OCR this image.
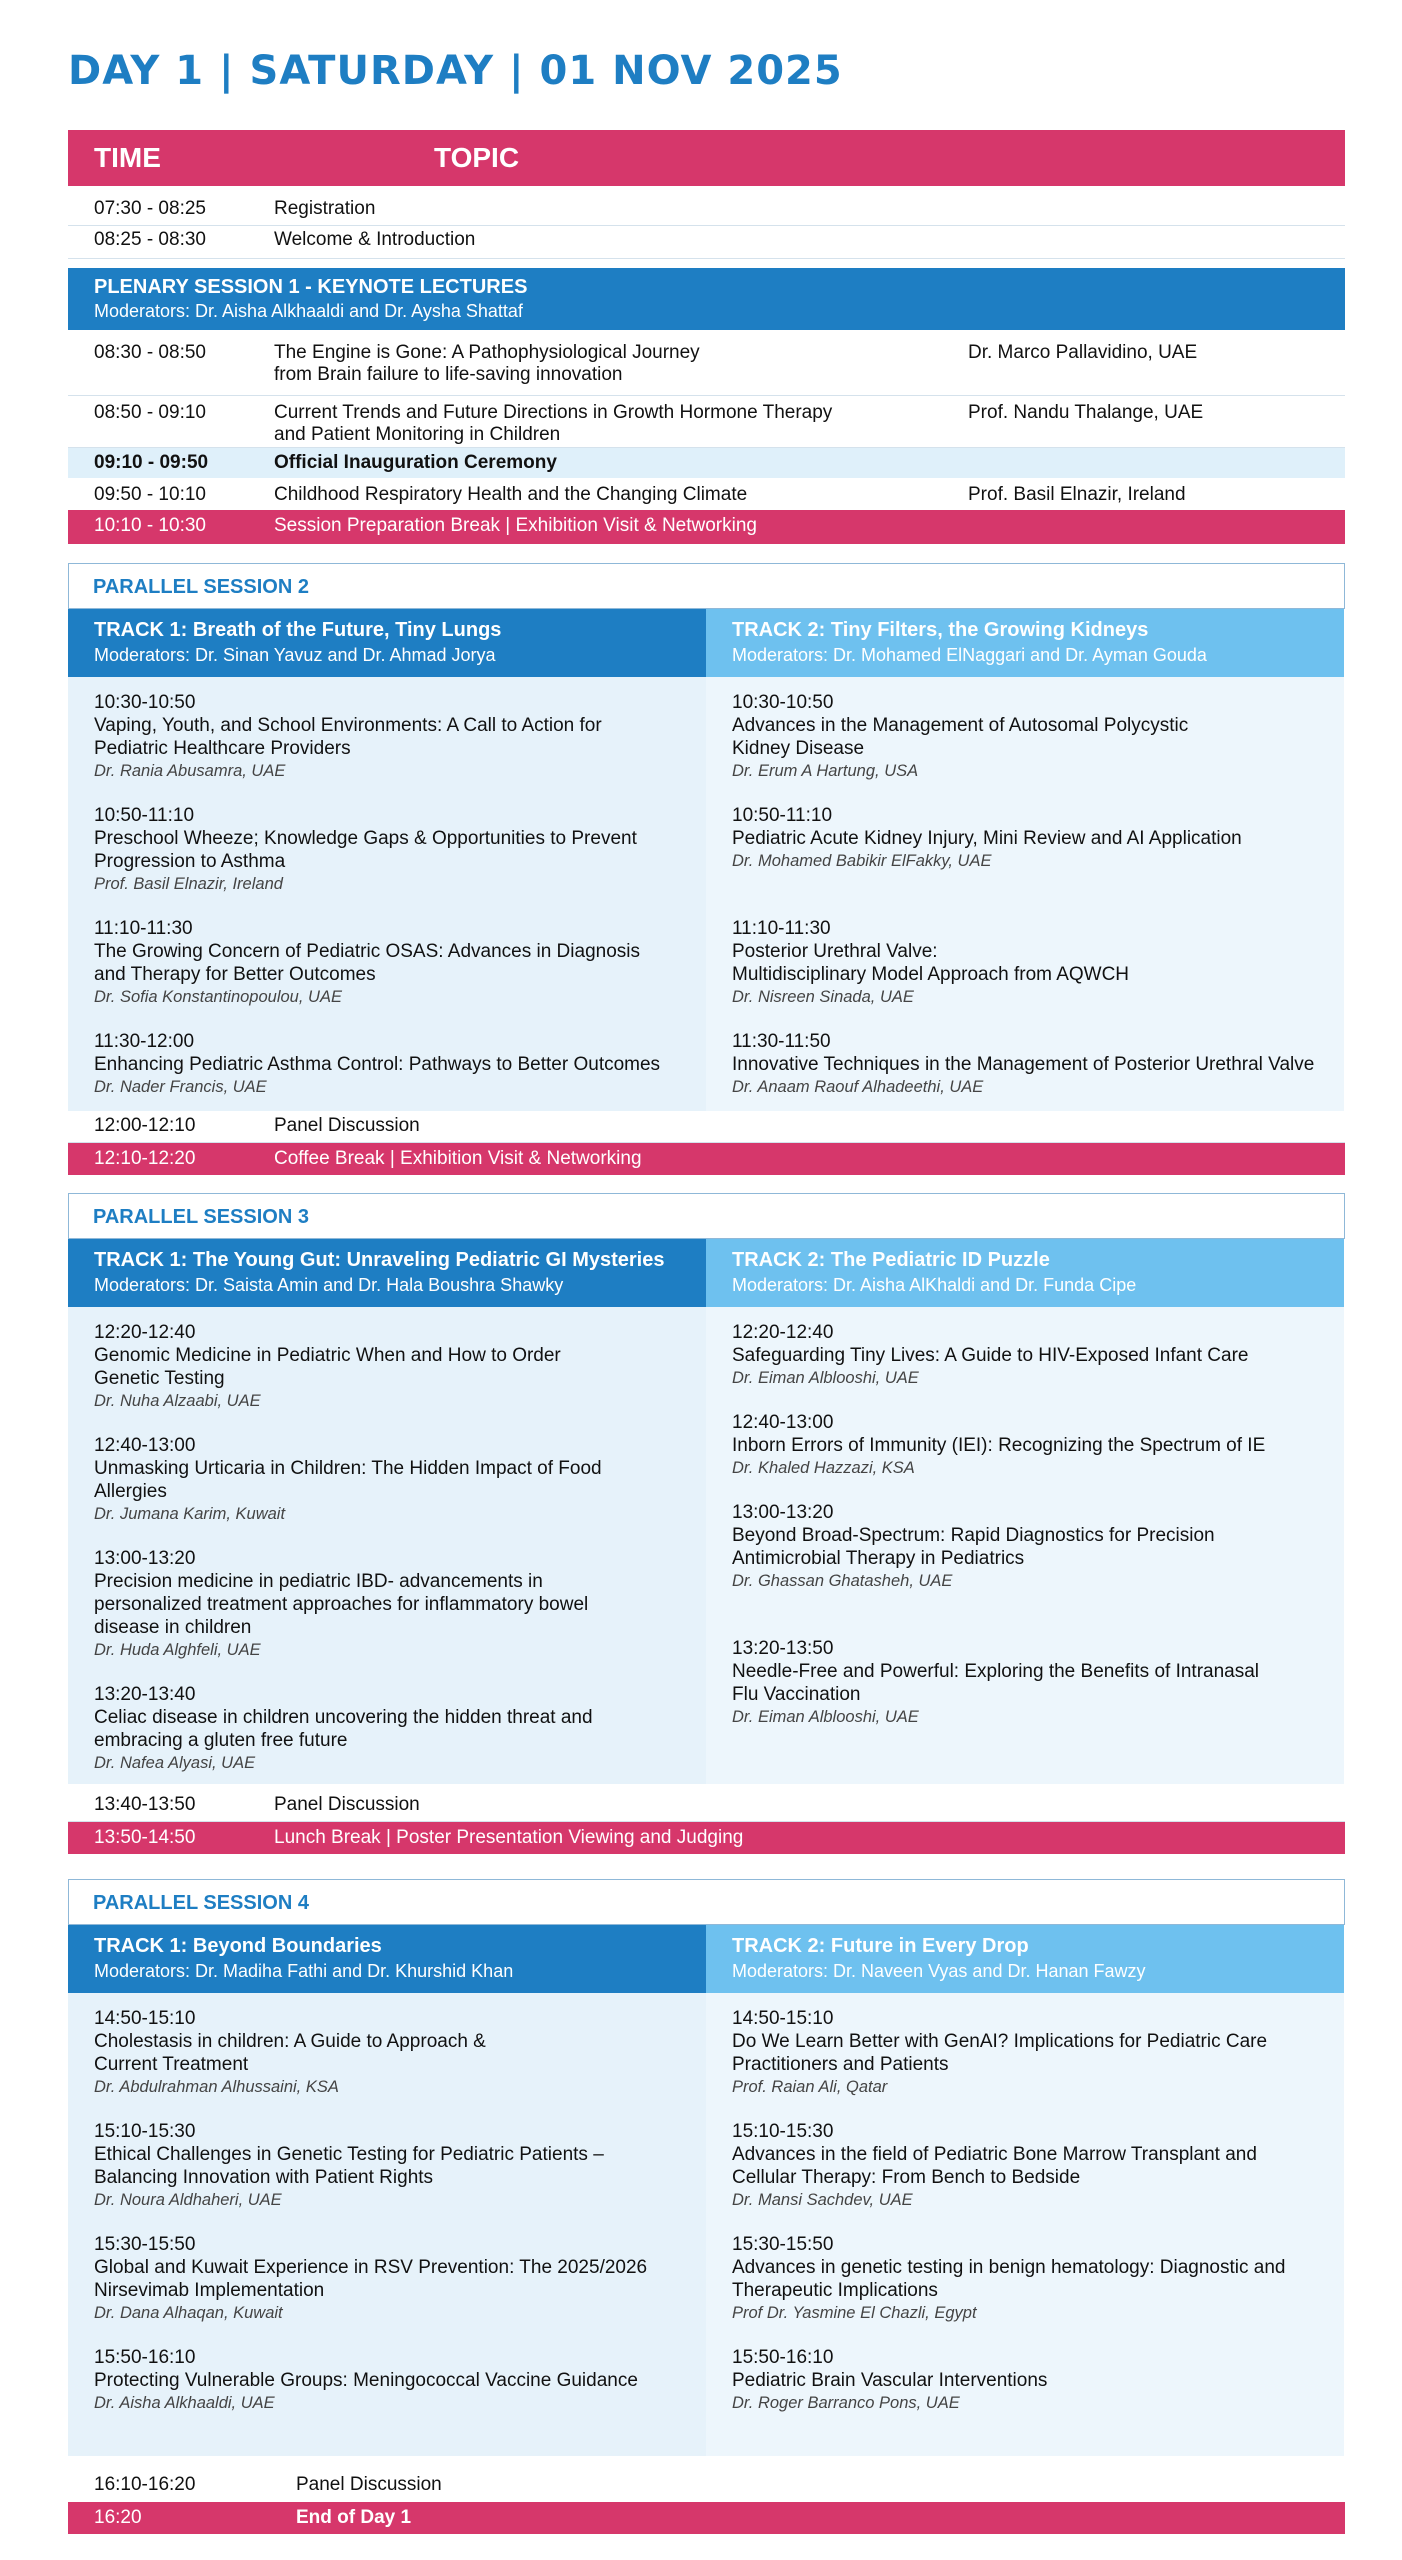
DAY 1 | SATURDAY | 01 NOV 2025
TIME	TOPIC
07:30 - 08:25	Registration
08:25 - 08:30	Welcome & Introduction
PLENARY SESSION 1 - KEYNOTE LECTURES
Moderators: Dr. Aisha Alkhaaldi and Dr. Aysha Shattaf
08:30 - 08:50	The Engine is Gone: A Pathophysiological Journey
from Brain failure to life-saving innovation
Dr. Marco Pallavidino, UAE
08:50 - 09:10	Current Trends and Future Directions in Growth Hormone Therapy
and Patient Monitoring in Children
Prof. Nandu Thalange, UAE
09:10 - 09:50	Official Inauguration Ceremony
09:50 - 10:10	Childhood Respiratory Health and the Changing Climate	Prof. Basil Elnazir, Ireland
10:10 - 10:30	Session Preparation Break | Exhibition Visit & Networking
PARALLEL SESSION 2
TRACK 1: Breath of the Future, Tiny Lungs
Moderators: Dr. Sinan Yavuz and Dr. Ahmad Jorya
10:30-10:50
Vaping, Youth, and School Environments: A Call to Action for
Pediatric Healthcare Providers
Dr. Rania Abusamra, UAE
10:50-11:10
Preschool Wheeze; Knowledge Gaps & Opportunities to Prevent
Progression to Asthma
Prof. Basil Elnazir, Ireland
11:10-11:30
The Growing Concern of Pediatric OSAS: Advances in Diagnosis
and Therapy for Better Outcomes
Dr. Sofia Konstantinopoulou, UAE
11:30-12:00
Enhancing Pediatric Asthma Control: Pathways to Better Outcomes
Dr. Nader Francis, UAE
TRACK 2: Tiny Filters, the Growing Kidneys
Moderators: Dr. Mohamed ElNaggari and Dr. Ayman Gouda
10:30-10:50
Advances in the Management of Autosomal Polycystic
Kidney Disease
Dr. Erum A Hartung, USA
10:50-11:10
Pediatric Acute Kidney Injury, Mini Review and AI Application
Dr. Mohamed Babikir ElFakky, UAE
11:10-11:30
Posterior Urethral Valve:
Multidisciplinary Model Approach from AQWCH
Dr. Nisreen Sinada, UAE
11:30-11:50
Innovative Techniques in the Management of Posterior Urethral Valve
Dr. Anaam Raouf Alhadeethi, UAE
12:00-12:10	Panel Discussion
12:10-12:20	Coffee Break | Exhibition Visit & Networking
PARALLEL SESSION 3
TRACK 1: The Young Gut: Unraveling Pediatric GI Mysteries
Moderators: Dr. Saista Amin and Dr. Hala Boushra Shawky
12:20-12:40
Genomic Medicine in Pediatric When and How to Order
Genetic Testing
Dr. Nuha Alzaabi, UAE
12:40-13:00
Unmasking Urticaria in Children: The Hidden Impact of Food
Allergies
Dr. Jumana Karim, Kuwait
13:00-13:20
Precision medicine in pediatric IBD- advancements in
personalized treatment approaches for inflammatory bowel
disease in children
Dr. Huda Alghfeli, UAE
13:20-13:40
Celiac disease in children uncovering the hidden threat and
embracing a gluten free future
Dr. Nafea Alyasi, UAE
TRACK 2: The Pediatric ID Puzzle
Moderators: Dr. Aisha AlKhaldi and Dr. Funda Cipe
12:20-12:40
Safeguarding Tiny Lives: A Guide to HIV-Exposed Infant Care
Dr. Eiman Alblooshi, UAE
12:40-13:00
Inborn Errors of Immunity (IEI): Recognizing the Spectrum of IE
Dr. Khaled Hazzazi, KSA
13:00-13:20
Beyond Broad-Spectrum: Rapid Diagnostics for Precision
Antimicrobial Therapy in Pediatrics
Dr. Ghassan Ghatasheh, UAE
13:20-13:50
Needle-Free and Powerful: Exploring the Benefits of Intranasal
Flu Vaccination
Dr. Eiman Alblooshi, UAE
13:40-13:50	Panel Discussion
13:50-14:50	Lunch Break | Poster Presentation Viewing and Judging
PARALLEL SESSION 4
TRACK 1: Beyond Boundaries
Moderators: Dr. Madiha Fathi and Dr. Khurshid Khan
14:50-15:10
Cholestasis in children: A Guide to Approach &
Current Treatment
Dr. Abdulrahman Alhussaini, KSA
15:10-15:30
Ethical Challenges in Genetic Testing for Pediatric Patients –
Balancing Innovation with Patient Rights
Dr. Noura Aldhaheri, UAE
15:30-15:50
Global and Kuwait Experience in RSV Prevention: The 2025/2026
Nirsevimab Implementation
Dr. Dana Alhaqan, Kuwait
15:50-16:10
Protecting Vulnerable Groups: Meningococcal Vaccine Guidance
Dr. Aisha Alkhaaldi, UAE
TRACK 2: Future in Every Drop
Moderators: Dr. Naveen Vyas and Dr. Hanan Fawzy
14:50-15:10
Do We Learn Better with GenAI? Implications for Pediatric Care
Practitioners and Patients
Prof. Raian Ali, Qatar
15:10-15:30
Advances in the field of Pediatric Bone Marrow Transplant and
Cellular Therapy: From Bench to Bedside
Dr. Mansi Sachdev, UAE
15:30-15:50
Advances in genetic testing in benign hematology: Diagnostic and
Therapeutic Implications
Prof Dr. Yasmine El Chazli, Egypt
15:50-16:10
Pediatric Brain Vascular Interventions
Dr. Roger Barranco Pons, UAE
16:10-16:20	Panel Discussion
16:20	End of Day 1
